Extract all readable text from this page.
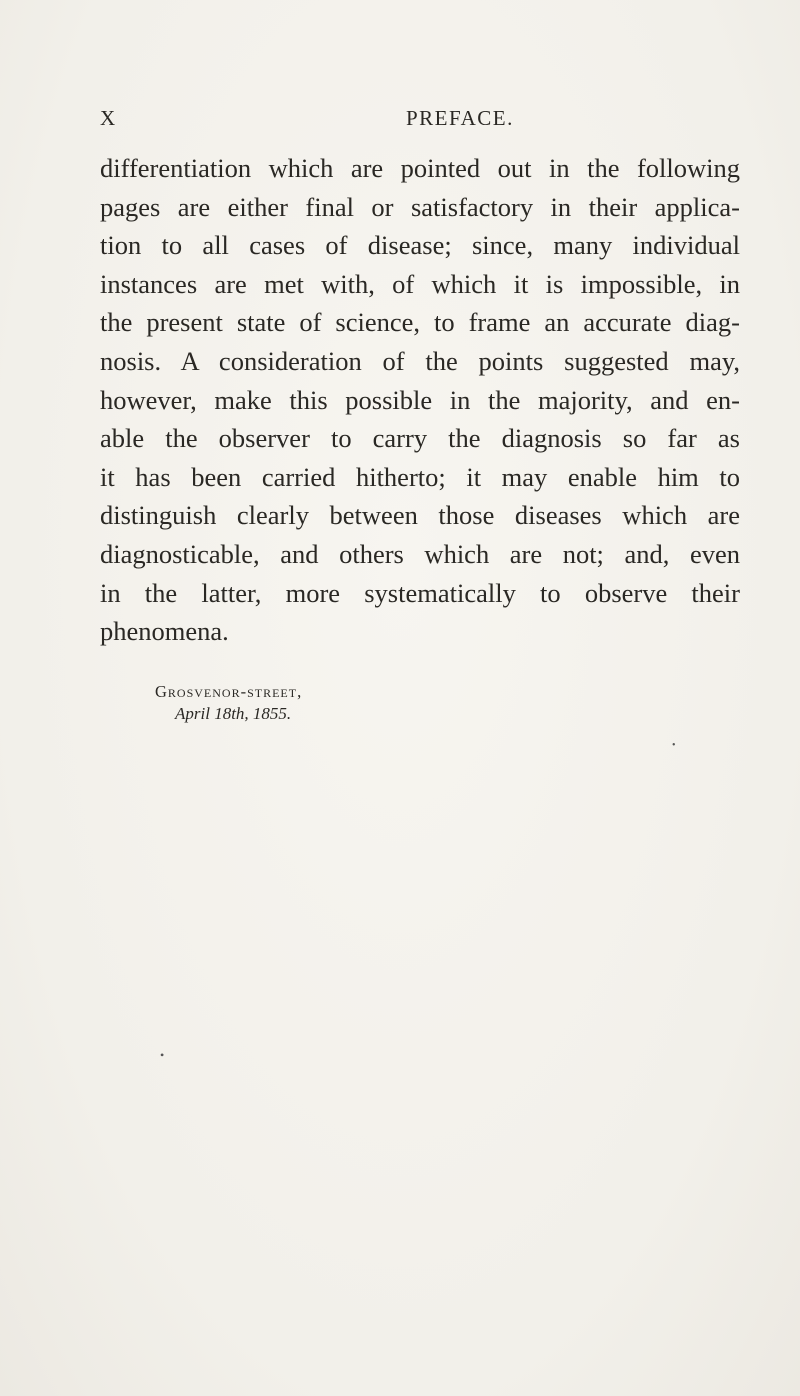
X	PREFACE.
differentiation which are pointed out in the following
pages are either final or satisfactory in their applica-
tion to all cases of disease; since, many individual
instances are met with, of which it is impossible, in
the present state of science, to frame an accurate diag-
nosis. A consideration of the points suggested may,
however, make this possible in the majority, and en-
able the observer to carry the diagnosis so far as
it has been carried hitherto; it may enable him to
distinguish clearly between those diseases which are
diagnosticable, and others which are not; and, even
in the latter, more systematically to observe their
phenomena.
Grosvenor-street,
April 18th, 1855.
•
•
